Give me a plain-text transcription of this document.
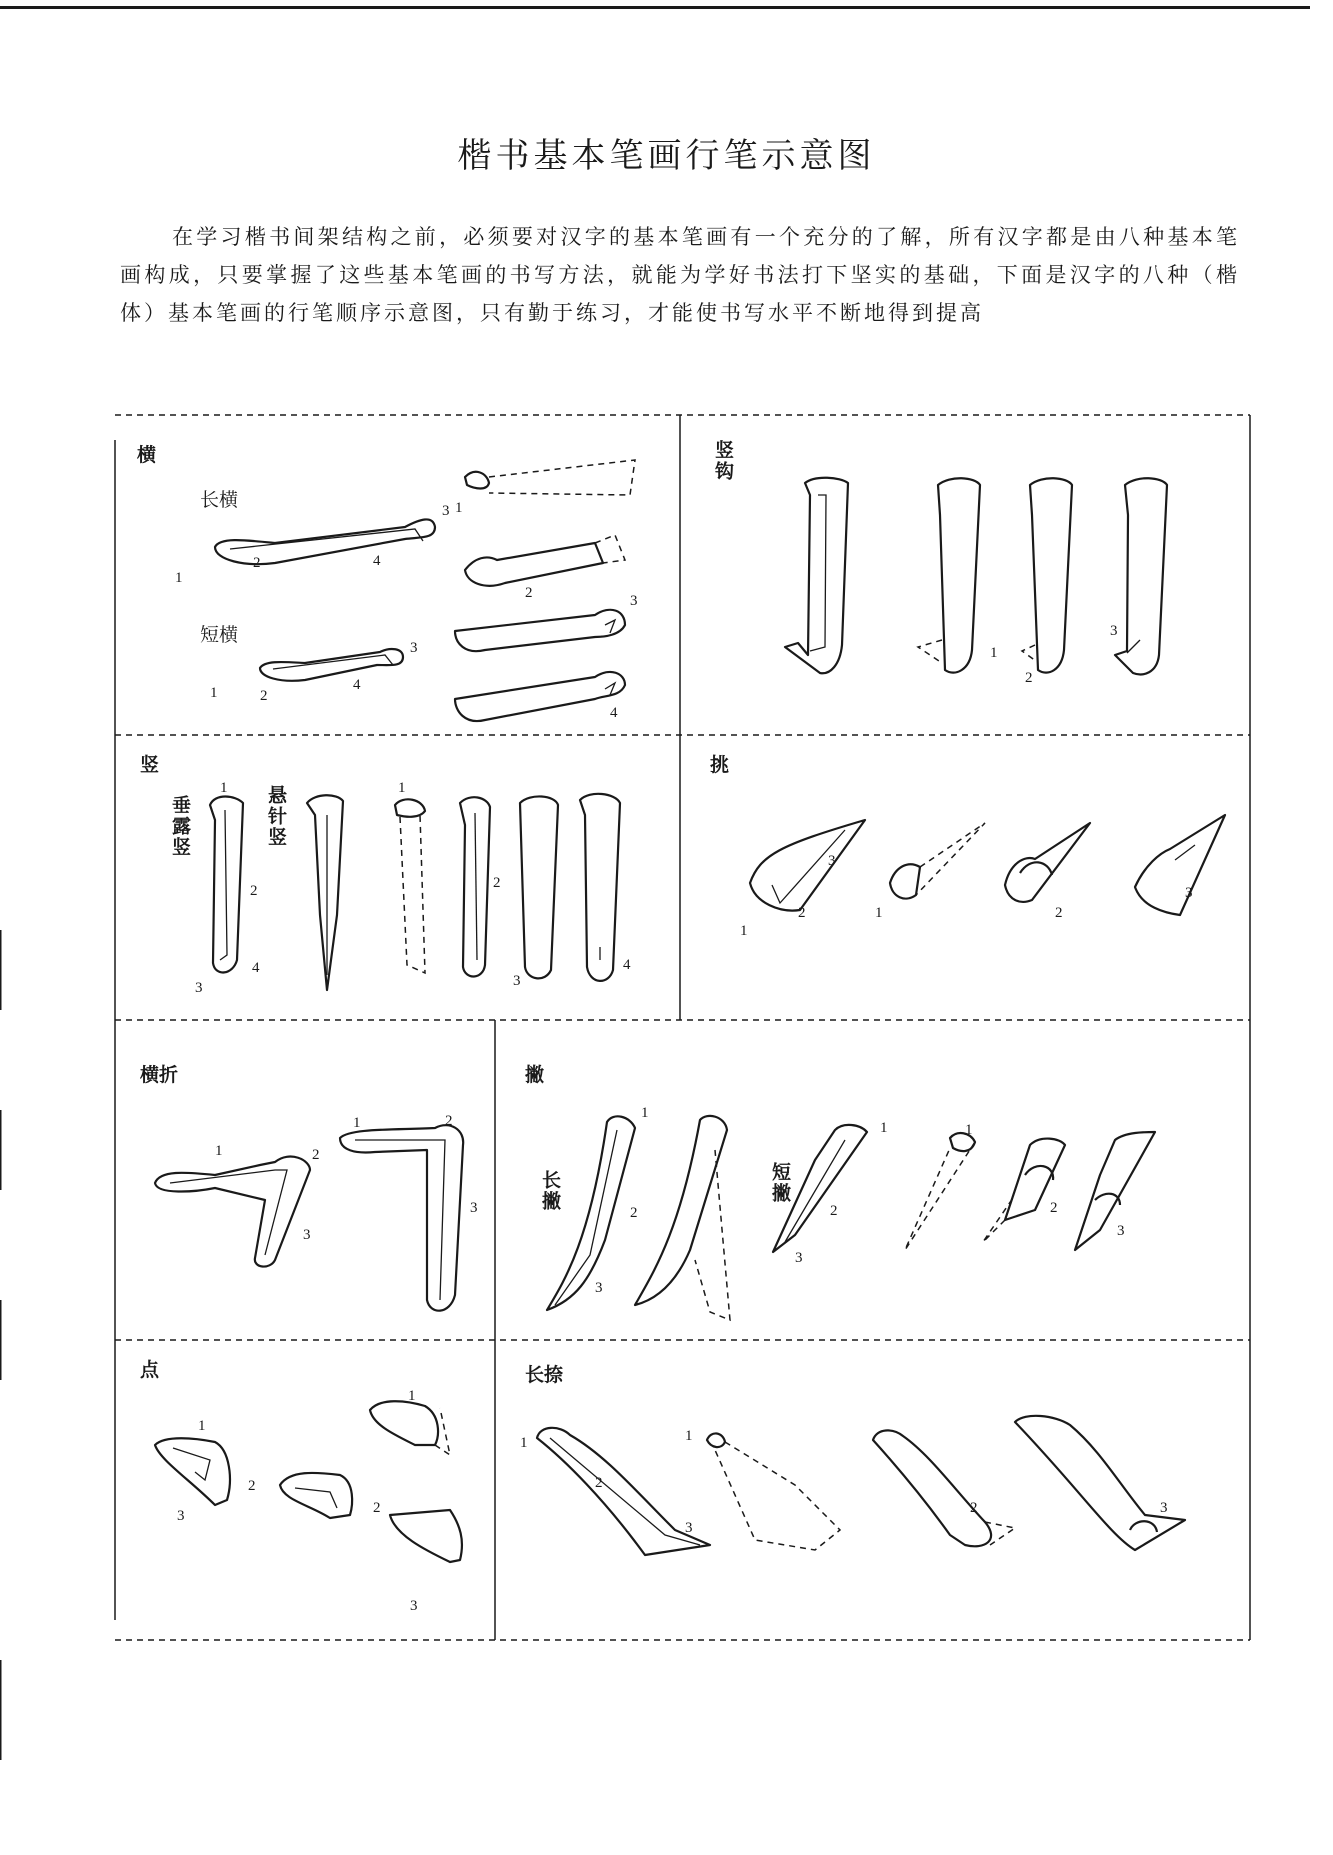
楷书基本笔画行笔示意图
在学习楷书间架结构之前，必须要对汉字的基本笔画有一个充分的了解，所有汉字都是由八种基本笔画构成，只要掌握了这些基本笔画的书写方法，就能为学好书法打下坚实的基础，下面是汉字的八种（楷体）基本笔画的行笔顺序示意图，只有勤于练习，才能使书写水平不断地得到提高
横
长横
短横
1
2
3
4
1	2
3
4
1
2	3
4
竖钩
1
2
3
竖
垂露竖	悬针竖
1
2
3
4
1
2
3
4
挑
1
2
3
1	2
3
横折
1	2
3
1	2
3
撇
长撇	短撇
1
2
3
1
2
3
1
2
3
点
1
2
3
1
2
3
长捺
1
2
3
1
2	3
